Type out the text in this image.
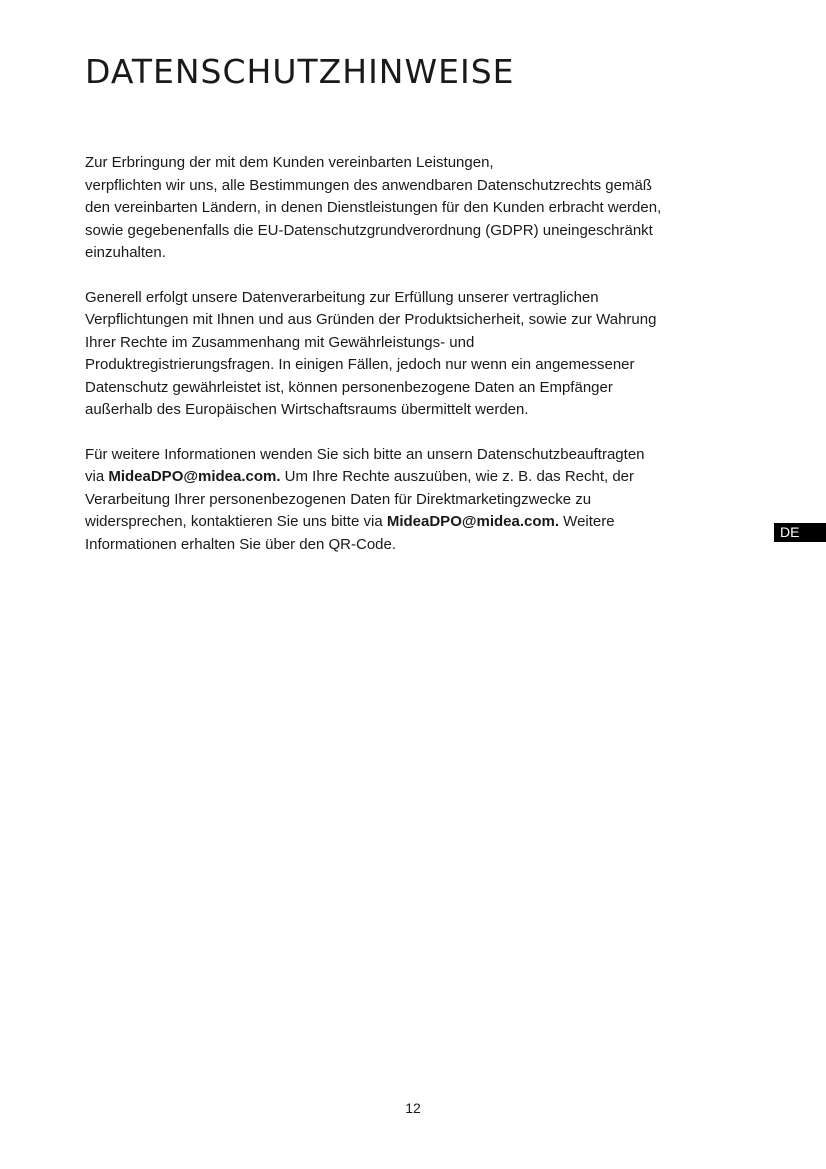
DATENSCHUTZHINWEISE

Zur Erbringung der mit dem Kunden vereinbarten Leistungen,
verpflichten wir uns, alle Bestimmungen des anwendbaren Datenschutzrechts gemäß
den vereinbarten Ländern, in denen Dienstleistungen für den Kunden erbracht werden,
sowie gegebenenfalls die EU-Datenschutzgrundverordnung (GDPR) uneingeschränkt
einzuhalten.

Generell erfolgt unsere Datenverarbeitung zur Erfüllung unserer vertraglichen
Verpflichtungen mit Ihnen und aus Gründen der Produktsicherheit, sowie zur Wahrung
Ihrer Rechte im Zusammenhang mit Gewährleistungs- und
Produktregistrierungsfragen. In einigen Fällen, jedoch nur wenn ein angemessener
Datenschutz gewährleistet ist, können personenbezogene Daten an Empfänger
außerhalb des Europäischen Wirtschaftsraums übermittelt werden.

Für weitere Informationen wenden Sie sich bitte an unsern Datenschutzbeauftragten
via MideaDPO@midea.com. Um Ihre Rechte auszuüben, wie z. B. das Recht, der
Verarbeitung Ihrer personenbezogenen Daten für Direktmarketingzwecke zu
widersprechen, kontaktieren Sie uns bitte via MideaDPO@midea.com. Weitere
Informationen erhalten Sie über den QR-Code.

DE
12
